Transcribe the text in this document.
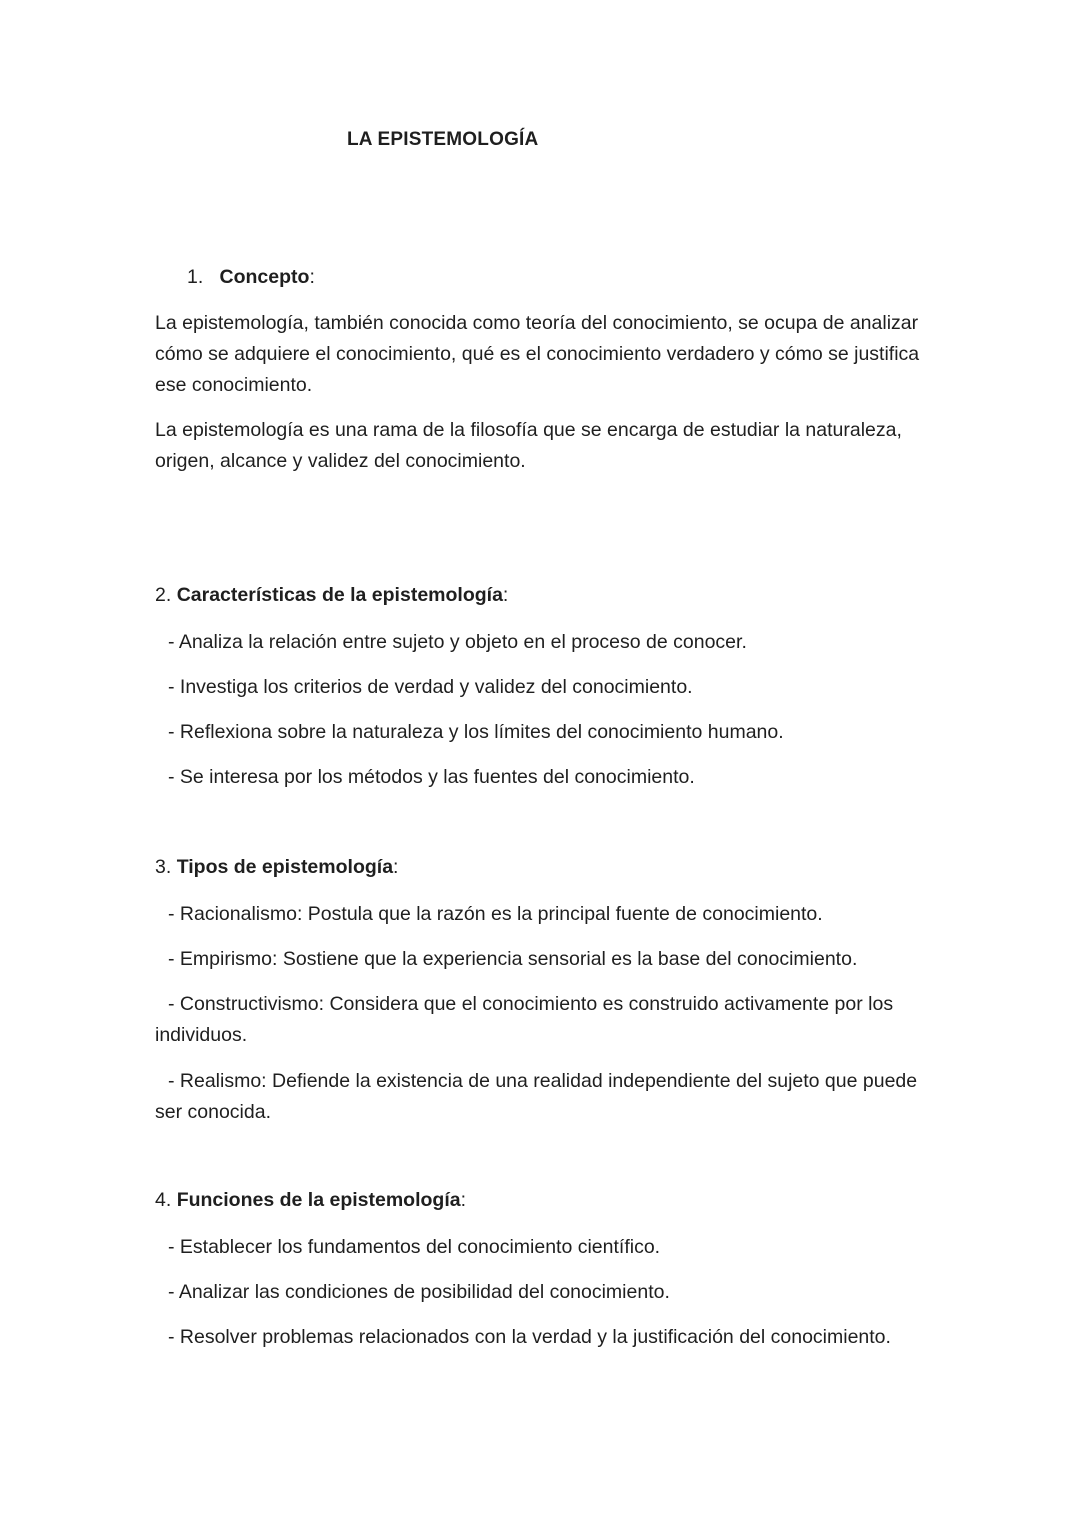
LA EPISTEMOLOGÍA

1. Concepto:

La epistemología, también conocida como teoría del conocimiento, se ocupa de analizar cómo se adquiere el conocimiento, qué es el conocimiento verdadero y cómo se justifica ese conocimiento.

La epistemología es una rama de la filosofía que se encarga de estudiar la naturaleza, origen, alcance y validez del conocimiento.

2. Características de la epistemología:

- Analiza la relación entre sujeto y objeto en el proceso de conocer.

- Investiga los criterios de verdad y validez del conocimiento.

- Reflexiona sobre la naturaleza y los límites del conocimiento humano.

- Se interesa por los métodos y las fuentes del conocimiento.

3. Tipos de epistemología:

- Racionalismo: Postula que la razón es la principal fuente de conocimiento.

- Empirismo: Sostiene que la experiencia sensorial es la base del conocimiento.

- Constructivismo: Considera que el conocimiento es construido activamente por los individuos.

- Realismo: Defiende la existencia de una realidad independiente del sujeto que puede ser conocida.

4. Funciones de la epistemología:

- Establecer los fundamentos del conocimiento científico.

- Analizar las condiciones de posibilidad del conocimiento.

- Resolver problemas relacionados con la verdad y la justificación del conocimiento.
